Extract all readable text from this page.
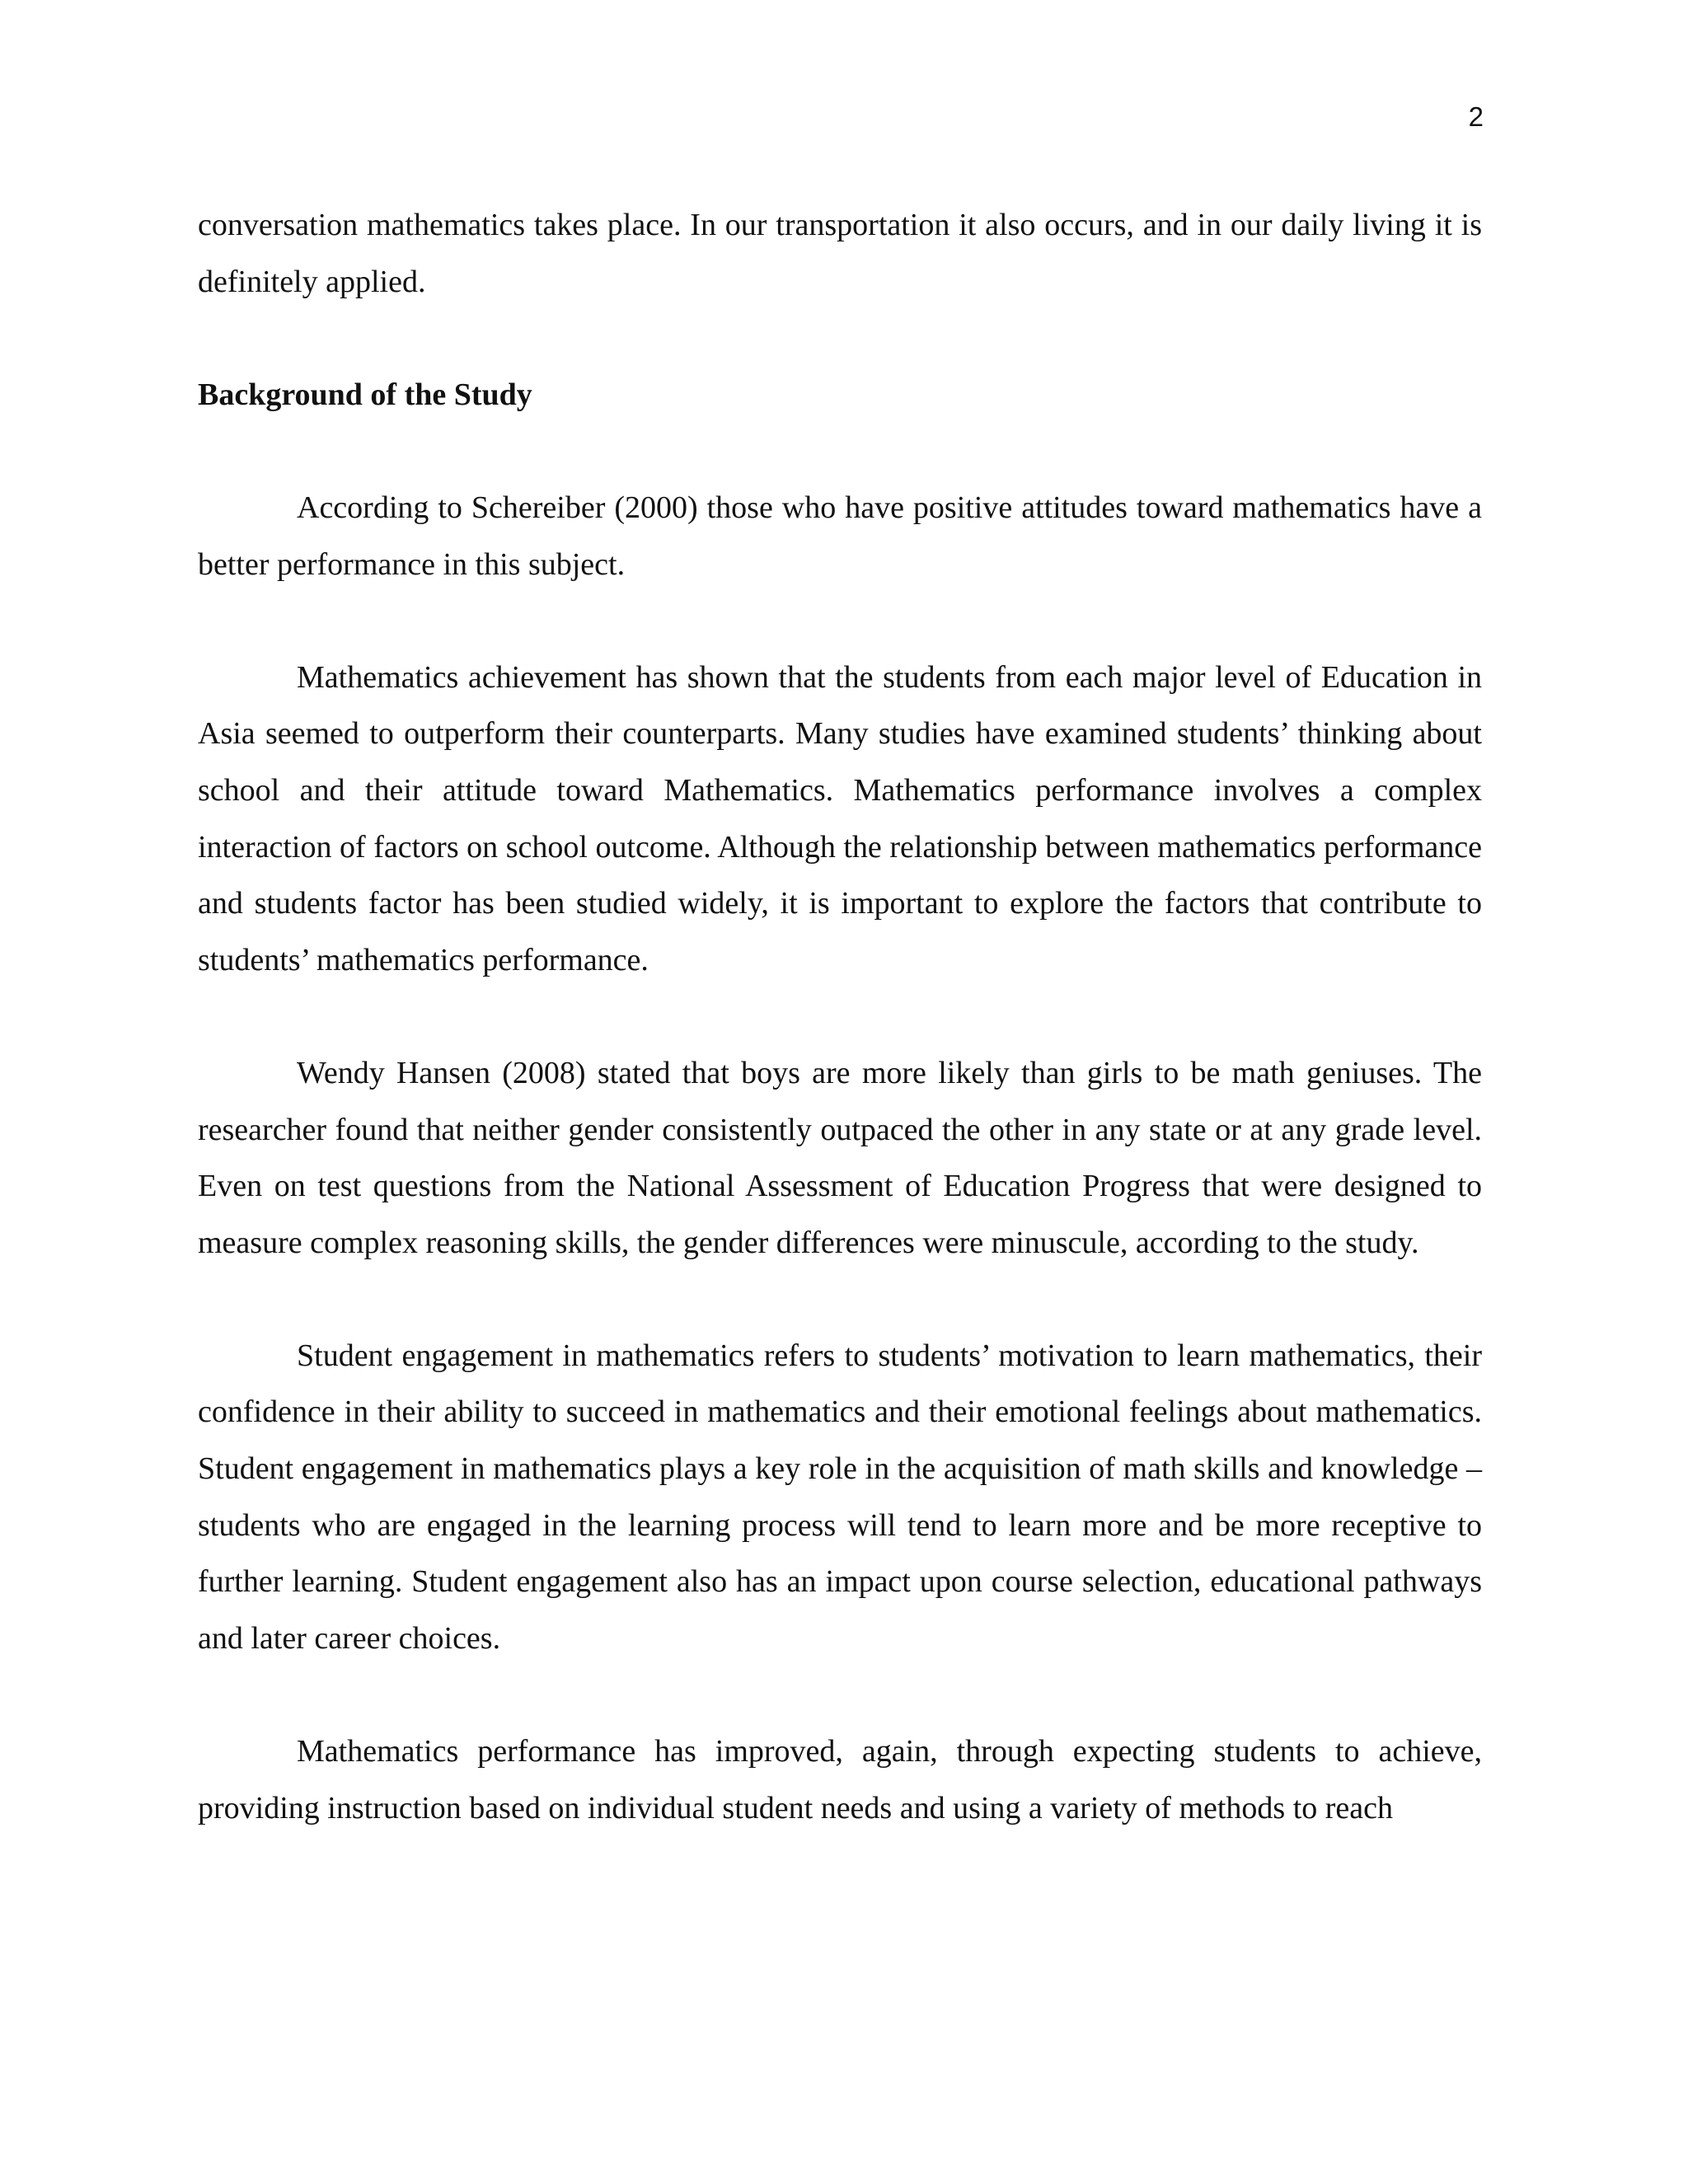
2

conversation mathematics takes place. In our transportation it also occurs, and in our daily living it is definitely applied.

Background of the Study

According to Schereiber (2000) those who have positive attitudes toward mathematics have a better performance in this subject.

Mathematics achievement has shown that the students from each major level of Education in Asia seemed to outperform their counterparts. Many studies have examined students’ thinking about school and their attitude toward Mathematics. Mathematics performance involves a complex interaction of factors on school outcome. Although the relationship between mathematics performance and students factor has been studied widely, it is important to explore the factors that contribute to students’ mathematics performance.

Wendy Hansen (2008) stated that boys are more likely than girls to be math geniuses. The researcher found that neither gender consistently outpaced the other in any state or at any grade level. Even on test questions from the National Assessment of Education Progress that were designed to measure complex reasoning skills, the gender differences were minuscule, according to the study.

Student engagement in mathematics refers to students’ motivation to learn mathematics, their confidence in their ability to succeed in mathematics and their emotional feelings about mathematics. Student engagement in mathematics plays a key role in the acquisition of math skills and knowledge – students who are engaged in the learning process will tend to learn more and be more receptive to further learning. Student engagement also has an impact upon course selection, educational pathways and later career choices.

Mathematics performance has improved, again, through expecting students to achieve, providing instruction based on individual student needs and using a variety of methods to reach
